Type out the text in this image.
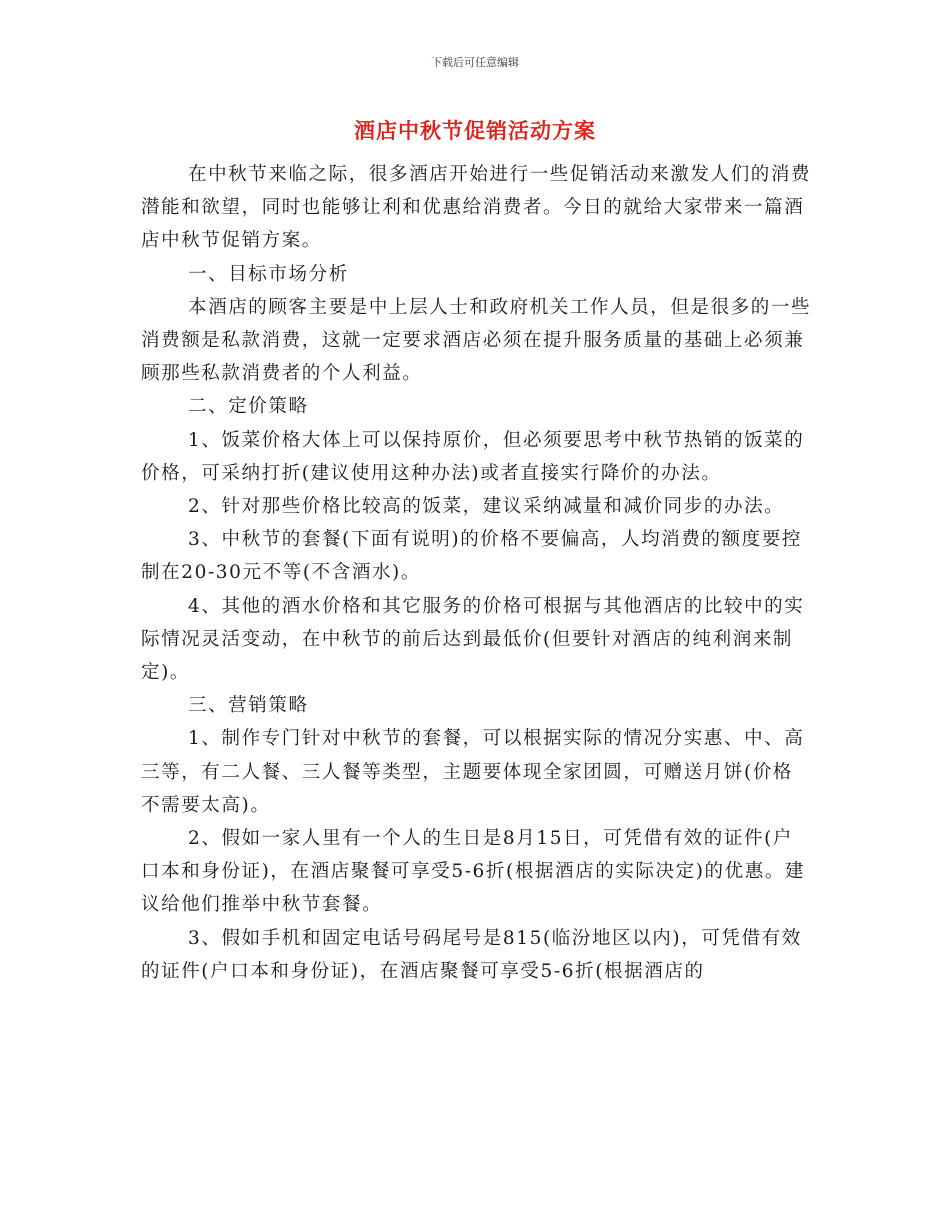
下载后可任意编辑
酒店中秋节促销活动方案

在中秋节来临之际，很多酒店开始进行一些促销活动来激发人们的消费潜能和欲望，同时也能够让利和优惠给消费者。今日的就给大家带来一篇酒店中秋节促销方案。

一、目标市场分析

本酒店的顾客主要是中上层人士和政府机关工作人员，但是很多的一些消费额是私款消费，这就一定要求酒店必须在提升服务质量的基础上必须兼顾那些私款消费者的个人利益。

二、定价策略

1、饭菜价格大体上可以保持原价，但必须要思考中秋节热销的饭菜的价格，可采纳打折(建议使用这种办法)或者直接实行降价的办法。

2、针对那些价格比较高的饭菜，建议采纳减量和减价同步的办法。

3、中秋节的套餐(下面有说明)的价格不要偏高，人均消费的额度要控制在20-30元不等(不含酒水)。

4、其他的酒水价格和其它服务的价格可根据与其他酒店的比较中的实际情况灵活变动，在中秋节的前后达到最低价(但要针对酒店的纯利润来制定)。

三、营销策略

1、制作专门针对中秋节的套餐，可以根据实际的情况分实惠、中、高三等，有二人餐、三人餐等类型，主题要体现全家团圆，可赠送月饼(价格不需要太高)。

2、假如一家人里有一个人的生日是8月15日，可凭借有效的证件(户口本和身份证)，在酒店聚餐可享受5-6折(根据酒店的实际决定)的优惠。建议给他们推举中秋节套餐。

3、假如手机和固定电话号码尾号是815(临汾地区以内)，可凭借有效的证件(户口本和身份证)，在酒店聚餐可享受5-6折(根据酒店的
